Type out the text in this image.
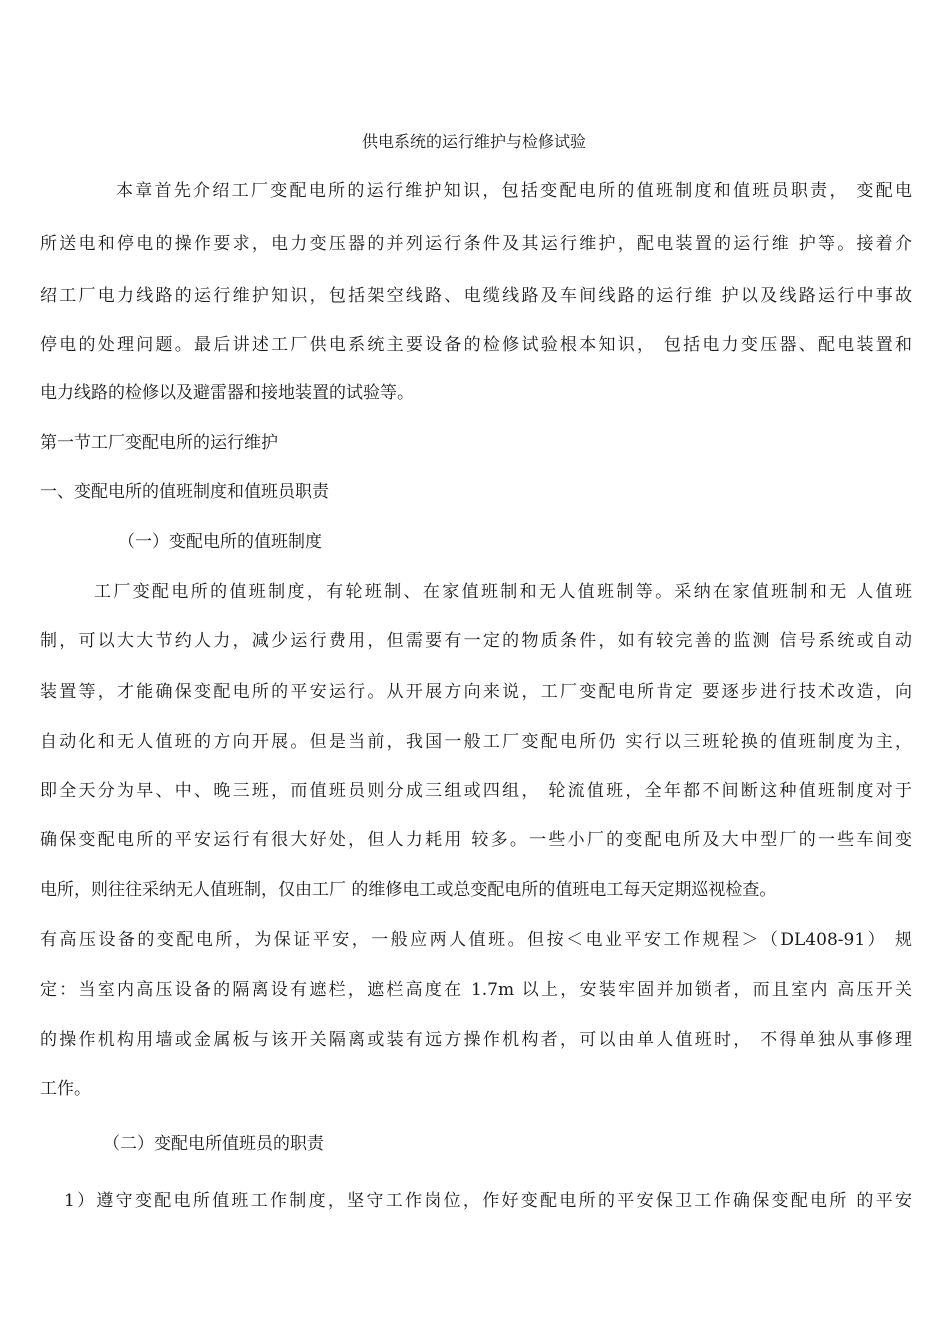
供电系统的运行维护与检修试验
本章首先介绍工厂变配电所的运行维护知识，包括变配电所的值班制度和值班员职责， 变配电
所送电和停电的操作要求，电力变压器的并列运行条件及其运行维护，配电装置的运行维 护等。接着介
绍工厂电力线路的运行维护知识，包括架空线路、电缆线路及车间线路的运行维 护以及线路运行中事故
停电的处理问题。最后讲述工厂供电系统主要设备的检修试验根本知识， 包括电力变压器、配电装置和
电力线路的检修以及避雷器和接地装置的试验等。
第一节工厂变配电所的运行维护
一、变配电所的值班制度和值班员职责
（一）变配电所的值班制度
工厂变配电所的值班制度，有轮班制、在家值班制和无人值班制等。采纳在家值班制和无 人值班
制，可以大大节约人力，减少运行费用，但需要有一定的物质条件，如有较完善的监测 信号系统或自动
装置等，才能确保变配电所的平安运行。从开展方向来说，工厂变配电所肯定 要逐步进行技术改造，向
自动化和无人值班的方向开展。但是当前，我国一般工厂变配电所仍 实行以三班轮换的值班制度为主，
即全天分为早、中、晚三班，而值班员则分成三组或四组， 轮流值班，全年都不间断这种值班制度对于
确保变配电所的平安运行有很大好处，但人力耗用 较多。一些小厂的变配电所及大中型厂的一些车间变
电所，则往往采纳无人值班制，仅由工厂 的维修电工或总变配电所的值班电工每天定期巡视检查。
有高压设备的变配电所，为保证平安，一般应两人值班。但按＜电业平安工作规程＞（DL408-91） 规
定：当室内高压设备的隔离设有遮栏，遮栏高度在 1.7m 以上，安装牢固并加锁者，而且室内 高压开关
的操作机构用墙或金属板与该开关隔离或装有远方操作机构者，可以由单人值班时， 不得单独从事修理
工作。
（二）变配电所值班员的职责
1）遵守变配电所值班工作制度，坚守工作岗位，作好变配电所的平安保卫工作确保变配电所 的平安
